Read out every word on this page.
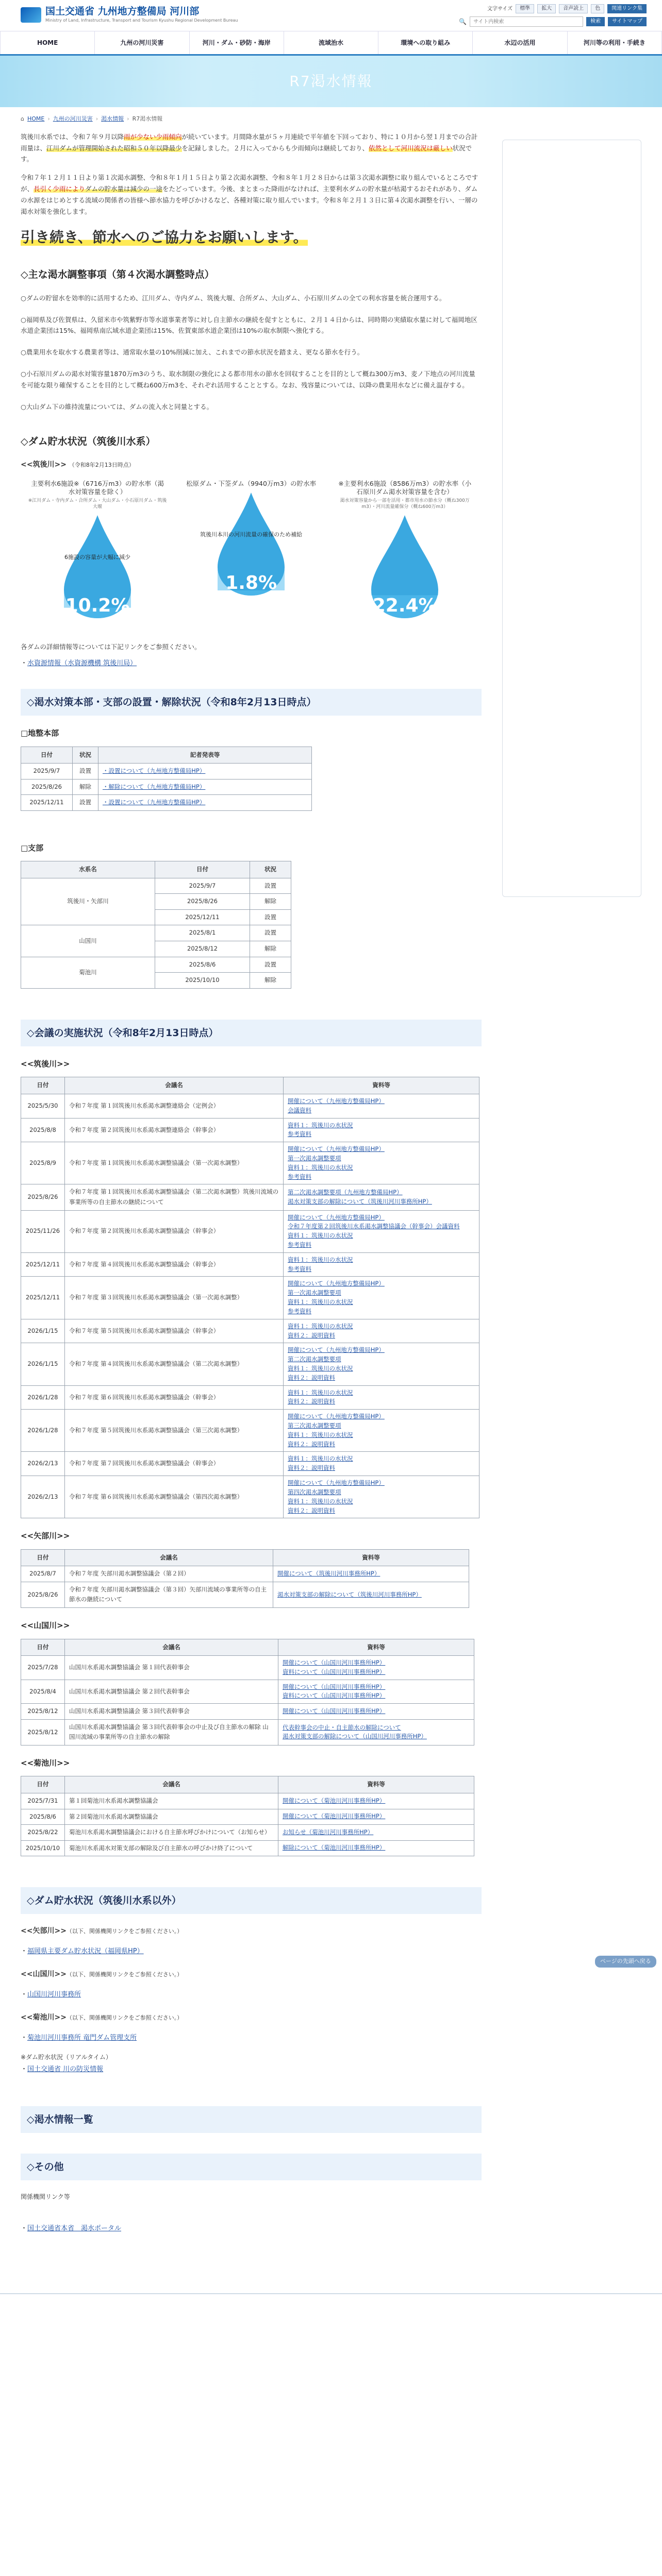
国土交通省 九州地方整備局 河川部
Ministry of Land, Infrastructure, Transport and Tourism Kyushu Regional Development Bureau
文字サイズ	標準	拡大	音声読上	色	関連リンク集
🔍
サイト内検索	検索	サイトマップ
HOME	九州の河川災害	河川・ダム・砂防・海岸	流域治水	環境への取り組み	水辺の活用	河川等の利用・手続き
R7渇水情報
⌂ HOME › 九州の河川災害 › 渇水情報 › R7渇水情報

筑後川水系では、令和７年９月以降雨が少ない少雨傾向が続いています。月間降水量が５ヶ月連続で平年値を下回っており、特に１０月から翌１月までの合計雨量は、江川ダムが管理開始された昭和５０年以降最少を記録しました。２月に入ってからも少雨傾向は継続しており、依然として河川流況は厳しい状況です。

令和７年１２月１１日より第１次渇水調整、令和８年１月１５日より第２次渇水調整、令和８年１月２８日からは第３次渇水調整に取り組んでいるところですが、長引く少雨によりダムの貯水量は減少の一途をたどっています。今後、まとまった降雨がなければ、主要利水ダムの貯水量が枯渇するおそれがあり、ダムの水源をはじめとする流域の関係者の皆様へ節水協力を呼びかけるなど、各種対策に取り組んでいます。令和８年２月１３日に第４次渇水調整を行い、一層の渇水対策を強化します。

引き続き、節水へのご協力をお願いします。
◇主な渇水調整事項（第４次渇水調整時点）

○ダムの貯留水を効率的に活用するため、江川ダム、寺内ダム、筑後大堰、合所ダム、大山ダム、小石原川ダムの全ての利水容量を統合運用する。

○福岡県及び佐賀県は、久留米市や筑紫野市等水道事業者等に対し自主節水の継続を促すとともに、２月１４日からは、同時期の実績取水量に対して福岡地区水道企業団は15%、福岡県南広域水道企業団は15%、佐賀東部水道企業団は10%の取水制限へ強化する。

○農業用水を取水する農業者等は、通常取水量の10%削減に加え、これまでの節水状況を踏まえ、更なる節水を行う。

○小石原川ダムの渇水対策容量1870万m3のうち、取水制限の強化による都市用水の節水を回収することを目的として概ね300万m3、麦ノ下地点の河川流量を可能な限り確保することを目的として概ね600万m3を、それぞれ活用することとする。なお、残容量については、以降の農業用水などに備え温存する。

○大山ダム下の維持流量については、ダムの流入水と同量とする。

◇ダム貯水状況（筑後川水系）
<<筑後川>> （令和8年2月13日時点）
主要利水6施設※（6716万m3）の貯水率（渇水対策容量を除く）
※江川ダム・寺内ダム・合所ダム・大山ダム・小石原川ダム・筑後大堰
6施設の容量が大幅に減少
10.2%
松原ダム・下筌ダム（9940万m3）の貯水率
筑後川本川の河川流量の確保のため補給
1.8%
※主要利水6施設（8586万m3）の貯水率（小石原川ダム渇水対策容量を含む）
渇水対策容量から一部を活用・都市用水の節水分（概ね300万m3）・河川流量確保分（概ね600万m3）
22.4%

各ダムの詳細情報等については下記リンクをご参照ください。

・水資源情報（水資源機構 筑後川局）
◇渇水対策本部・支部の設置・解除状況（令和8年2月13日時点）
□地整本部
日付	状況	記者発表等
2025/9/7	設置	・設置について（九州地方整備局HP）
2025/8/26	解除	・解除について（九州地方整備局HP）
2025/12/11	設置	・設置について（九州地方整備局HP）
□支部
水系名	日付	状況
筑後川・矢部川	2025/9/7	設置
	2025/8/26	解除
	2025/12/11	設置
山国川	2025/8/1	設置
	2025/8/12	解除
菊池川	2025/8/6	設置
	2025/10/10	解除
◇会議の実施状況（令和8年2月13日時点）
<<筑後川>>
日付	会議名	資料等
2025/5/30	令和７年度 第１回筑後川水系渇水調整連絡会（定例会）	開催について（九州地方整備局HP）
会議資料

2025/8/8	令和７年度 第２回筑後川水系渇水調整連絡会（幹事会）	資料１：筑後川の水状況
参考資料

2025/8/9	令和７年度 第１回筑後川水系渇水調整協議会（第一次渇水調整）	開催について（九州地方整備局HP）
第一次渇水調整要項
資料１：筑後川の水状況
参考資料

2025/8/26	令和７年度 第１回筑後川水系渇水調整協議会（第二次渇水調整）筑後川流域の事業所等の自主節水の継続について	第二次渇水調整要項（九州地方整備局HP）
渇水対策支部の解除について（筑後川河川事務所HP）

2025/11/26	令和７年度 第２回筑後川水系渇水調整協議会（幹事会）	開催について（九州地方整備局HP）
令和７年度第２回筑後川水系渇水調整協議会（幹事会）会議資料
資料１：筑後川の水状況
参考資料

2025/12/11	令和７年度 第４回筑後川水系渇水調整協議会（幹事会）	資料１：筑後川の水状況
参考資料

2025/12/11	令和７年度 第３回筑後川水系渇水調整協議会（第一次渇水調整）	開催について（九州地方整備局HP）
第一次渇水調整要項
資料１：筑後川の水状況
参考資料

2026/1/15	令和７年度 第５回筑後川水系渇水調整協議会（幹事会）	資料１：筑後川の水状況
資料２：説明資料

2026/1/15	令和７年度 第４回筑後川水系渇水調整協議会（第二次渇水調整）	開催について（九州地方整備局HP）
第二次渇水調整要項
資料１：筑後川の水状況
資料２：説明資料

2026/1/28	令和７年度 第６回筑後川水系渇水調整協議会（幹事会）	資料１：筑後川の水状況
資料２：説明資料

2026/1/28	令和７年度 第５回筑後川水系渇水調整協議会（第三次渇水調整）	開催について（九州地方整備局HP）
第三次渇水調整要項
資料１：筑後川の水状況
資料２：説明資料

2026/2/13	令和７年度 第７回筑後川水系渇水調整協議会（幹事会）	資料１：筑後川の水状況
資料２：説明資料

2026/2/13	令和７年度 第６回筑後川水系渇水調整協議会（第四次渇水調整）	開催について（九州地方整備局HP）
第四次渇水調整要項
資料１：筑後川の水状況
資料２：説明資料
<<矢部川>>
日付	会議名	資料等
2025/8/7	令和７年度 矢部川渇水調整協議会（第２回）	開催について（筑後川河川事務所HP）

2025/8/26	令和７年度 矢部川渇水調整協議会（第３回）矢部川流域の事業所等の自主節水の継続について	渇水対策支部の解除について（筑後川河川事務所HP）
<<山国川>>
日付	会議名	資料等
2025/7/28	山国川水系渇水調整協議会 第１回代表幹事会	開催について（山国川河川事務所HP）
資料について（山国川河川事務所HP）

2025/8/4	山国川水系渇水調整協議会 第２回代表幹事会	開催について（山国川河川事務所HP）
資料について（山国川河川事務所HP）

2025/8/12	山国川水系渇水調整協議会 第３回代表幹事会	開催について（山国川河川事務所HP）

2025/8/12	山国川水系渇水調整協議会 第３回代表幹事会の中止及び自主節水の解除 山国川流域の事業所等の自主節水の解除	代表幹事会の中止・自主節水の解除について
渇水対策支部の解除について（山国川河川事務所HP）
<<菊池川>>
日付	会議名	資料等
2025/7/31	第１回菊池川水系渇水調整協議会	開催について（菊池川河川事務所HP）

2025/8/6	第２回菊池川水系渇水調整協議会	開催について（菊池川河川事務所HP）

2025/8/22	菊池川水系渇水調整協議会における自主節水呼びかけについて（お知らせ）	お知らせ（菊池川河川事務所HP）

2025/10/10	菊池川水系渇水対策支部の解除及び自主節水の呼びかけ終了について	解除について（菊池川河川事務所HP）
◇ダム貯水状況（筑後川水系以外）
<<矢部川>>（以下、関係機関リンクをご参照ください。）
・福岡県主要ダム貯水状況（福岡県HP）
<<山国川>>（以下、関係機関リンクをご参照ください。）
・山国川河川事務所
<<菊池川>>（以下、関係機関リンクをご参照ください。）
・菊池川河川事務所 竜門ダム管理支所
※ダム貯水状況（リアルタイム）
・国土交通省 川の防災情報
◇渇水情報一覧
◇その他
関係機関リンク等
・国土交通省本省　渇水ポータル
ページの先頭へ戻る
